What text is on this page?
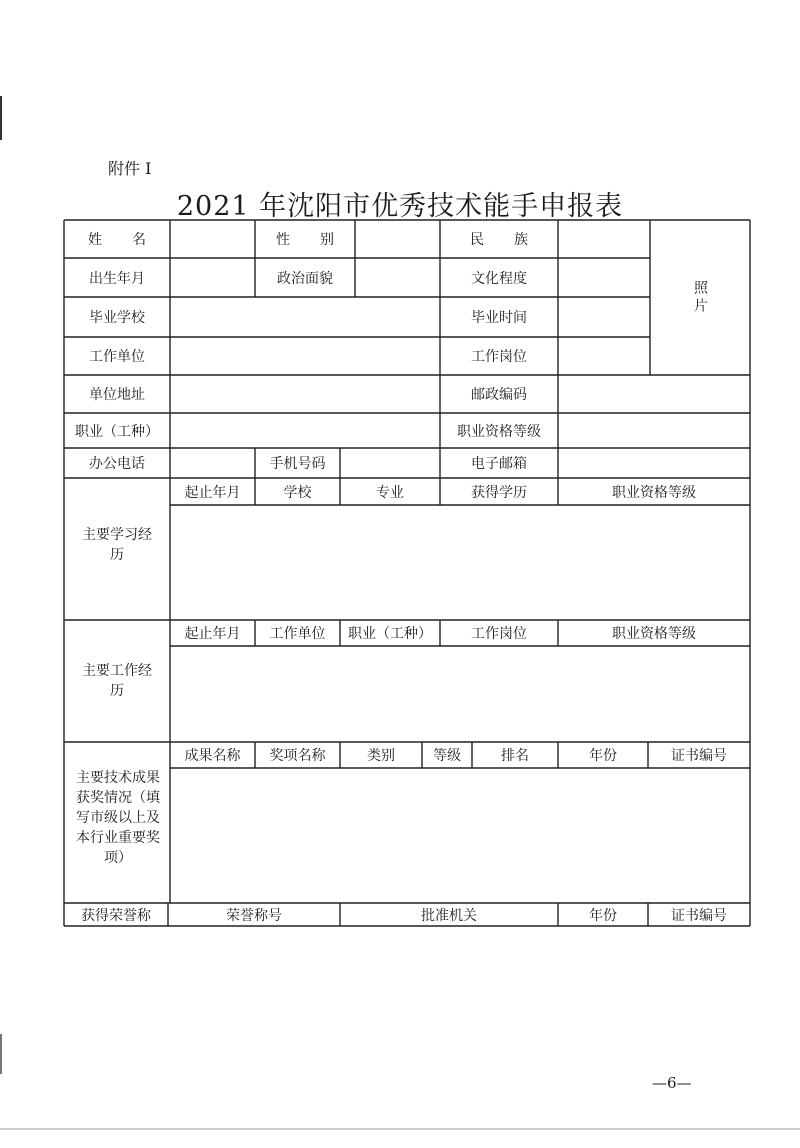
附件 I
2021 年沈阳市优秀技术能手申报表
姓名	性别	民族
照片
出生年月	政治面貌	文化程度
毕业学校	毕业时间
工作单位	工作岗位
单位地址	邮政编码
职业（工种）	职业资格等级
办公电话	手机号码	电子邮箱
主要学习经历
起止年月	学校	专业	获得学历	职业资格等级
主要工作经历
起止年月	工作单位	职业（工种）	工作岗位	职业资格等级
主要技术成果获奖情况（填写市级以上及本行业重要奖项）
成果名称	奖项名称	类别	等级	排名	年份	证书编号
获得荣誉称	荣誉称号	批准机关	年份	证书编号
—6—
